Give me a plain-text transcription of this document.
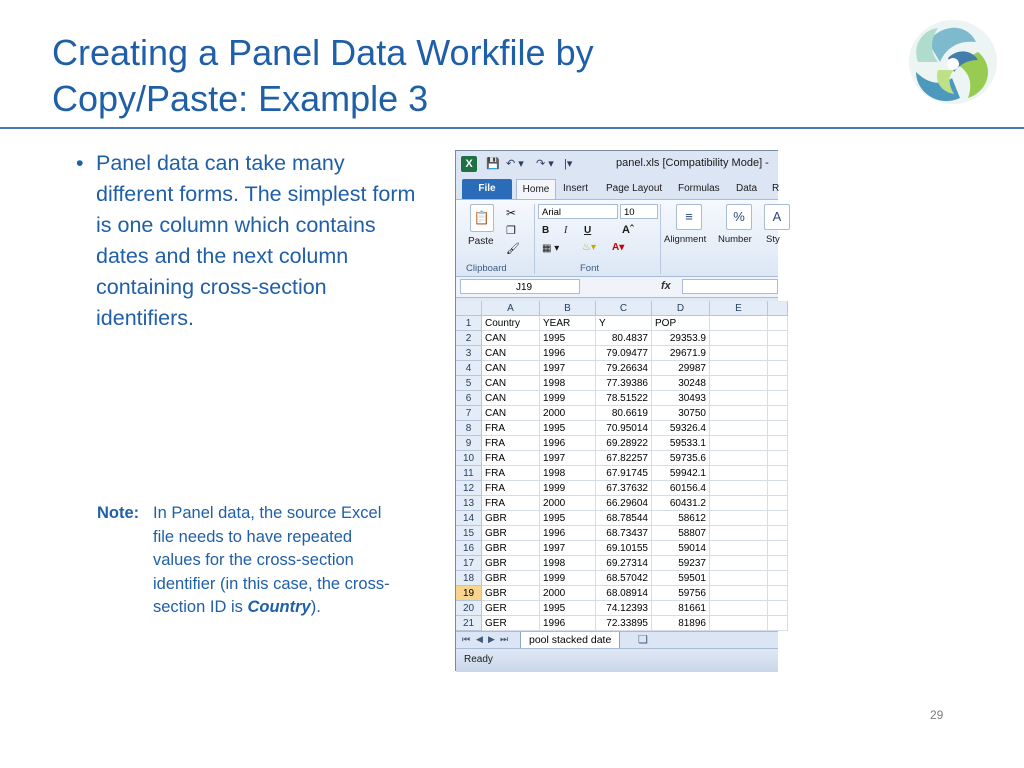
Creating a Panel Data Workfile by
Copy/Paste: Example 3
• Panel data can take many different forms. The simplest form is one column which contains dates and the next column containing cross-section identifiers.
Note: In Panel data, the source Excel file needs to have repeated values for the cross-section identifier (in this case, the cross-section ID is Country).
29
X	💾 ↶ ▾ ↷ ▾ |▾	panel.xls [Compatibility Mode] -
File	Home	Insert Page Layout Formulas Data R
📋
Paste
✂
❐
🖌
Arial	10
B I U	Aˆ
▦ ▾ ♨▾ A▾
≡
Alignment
%
Number
A
Sty
Clipboard	Font
J19	fx
A	B	C	D	E
1	Country	YEAR	Y	POP
2	CAN	1995	80.4837	29353.9
3	CAN	1996	79.09477	29671.9
4	CAN	1997	79.26634	29987
5	CAN	1998	77.39386	30248
6	CAN	1999	78.51522	30493
7	CAN	2000	80.6619	30750
8	FRA	1995	70.95014	59326.4
9	FRA	1996	69.28922	59533.1
10	FRA	1997	67.82257	59735.6
11	FRA	1998	67.91745	59942.1
12	FRA	1999	67.37632	60156.4
13	FRA	2000	66.29604	60431.2
14	GBR	1995	68.78544	58612
15	GBR	1996	68.73437	58807
16	GBR	1997	69.10155	59014
17	GBR	1998	69.27314	59237
18	GBR	1999	68.57042	59501
19	GBR	2000	68.08914	59756
20	GER	1995	74.12393	81661
21	GER	1996	72.33895	81896
⏮ ◀ ▶ ⏭	pool stacked date	❏
Ready
